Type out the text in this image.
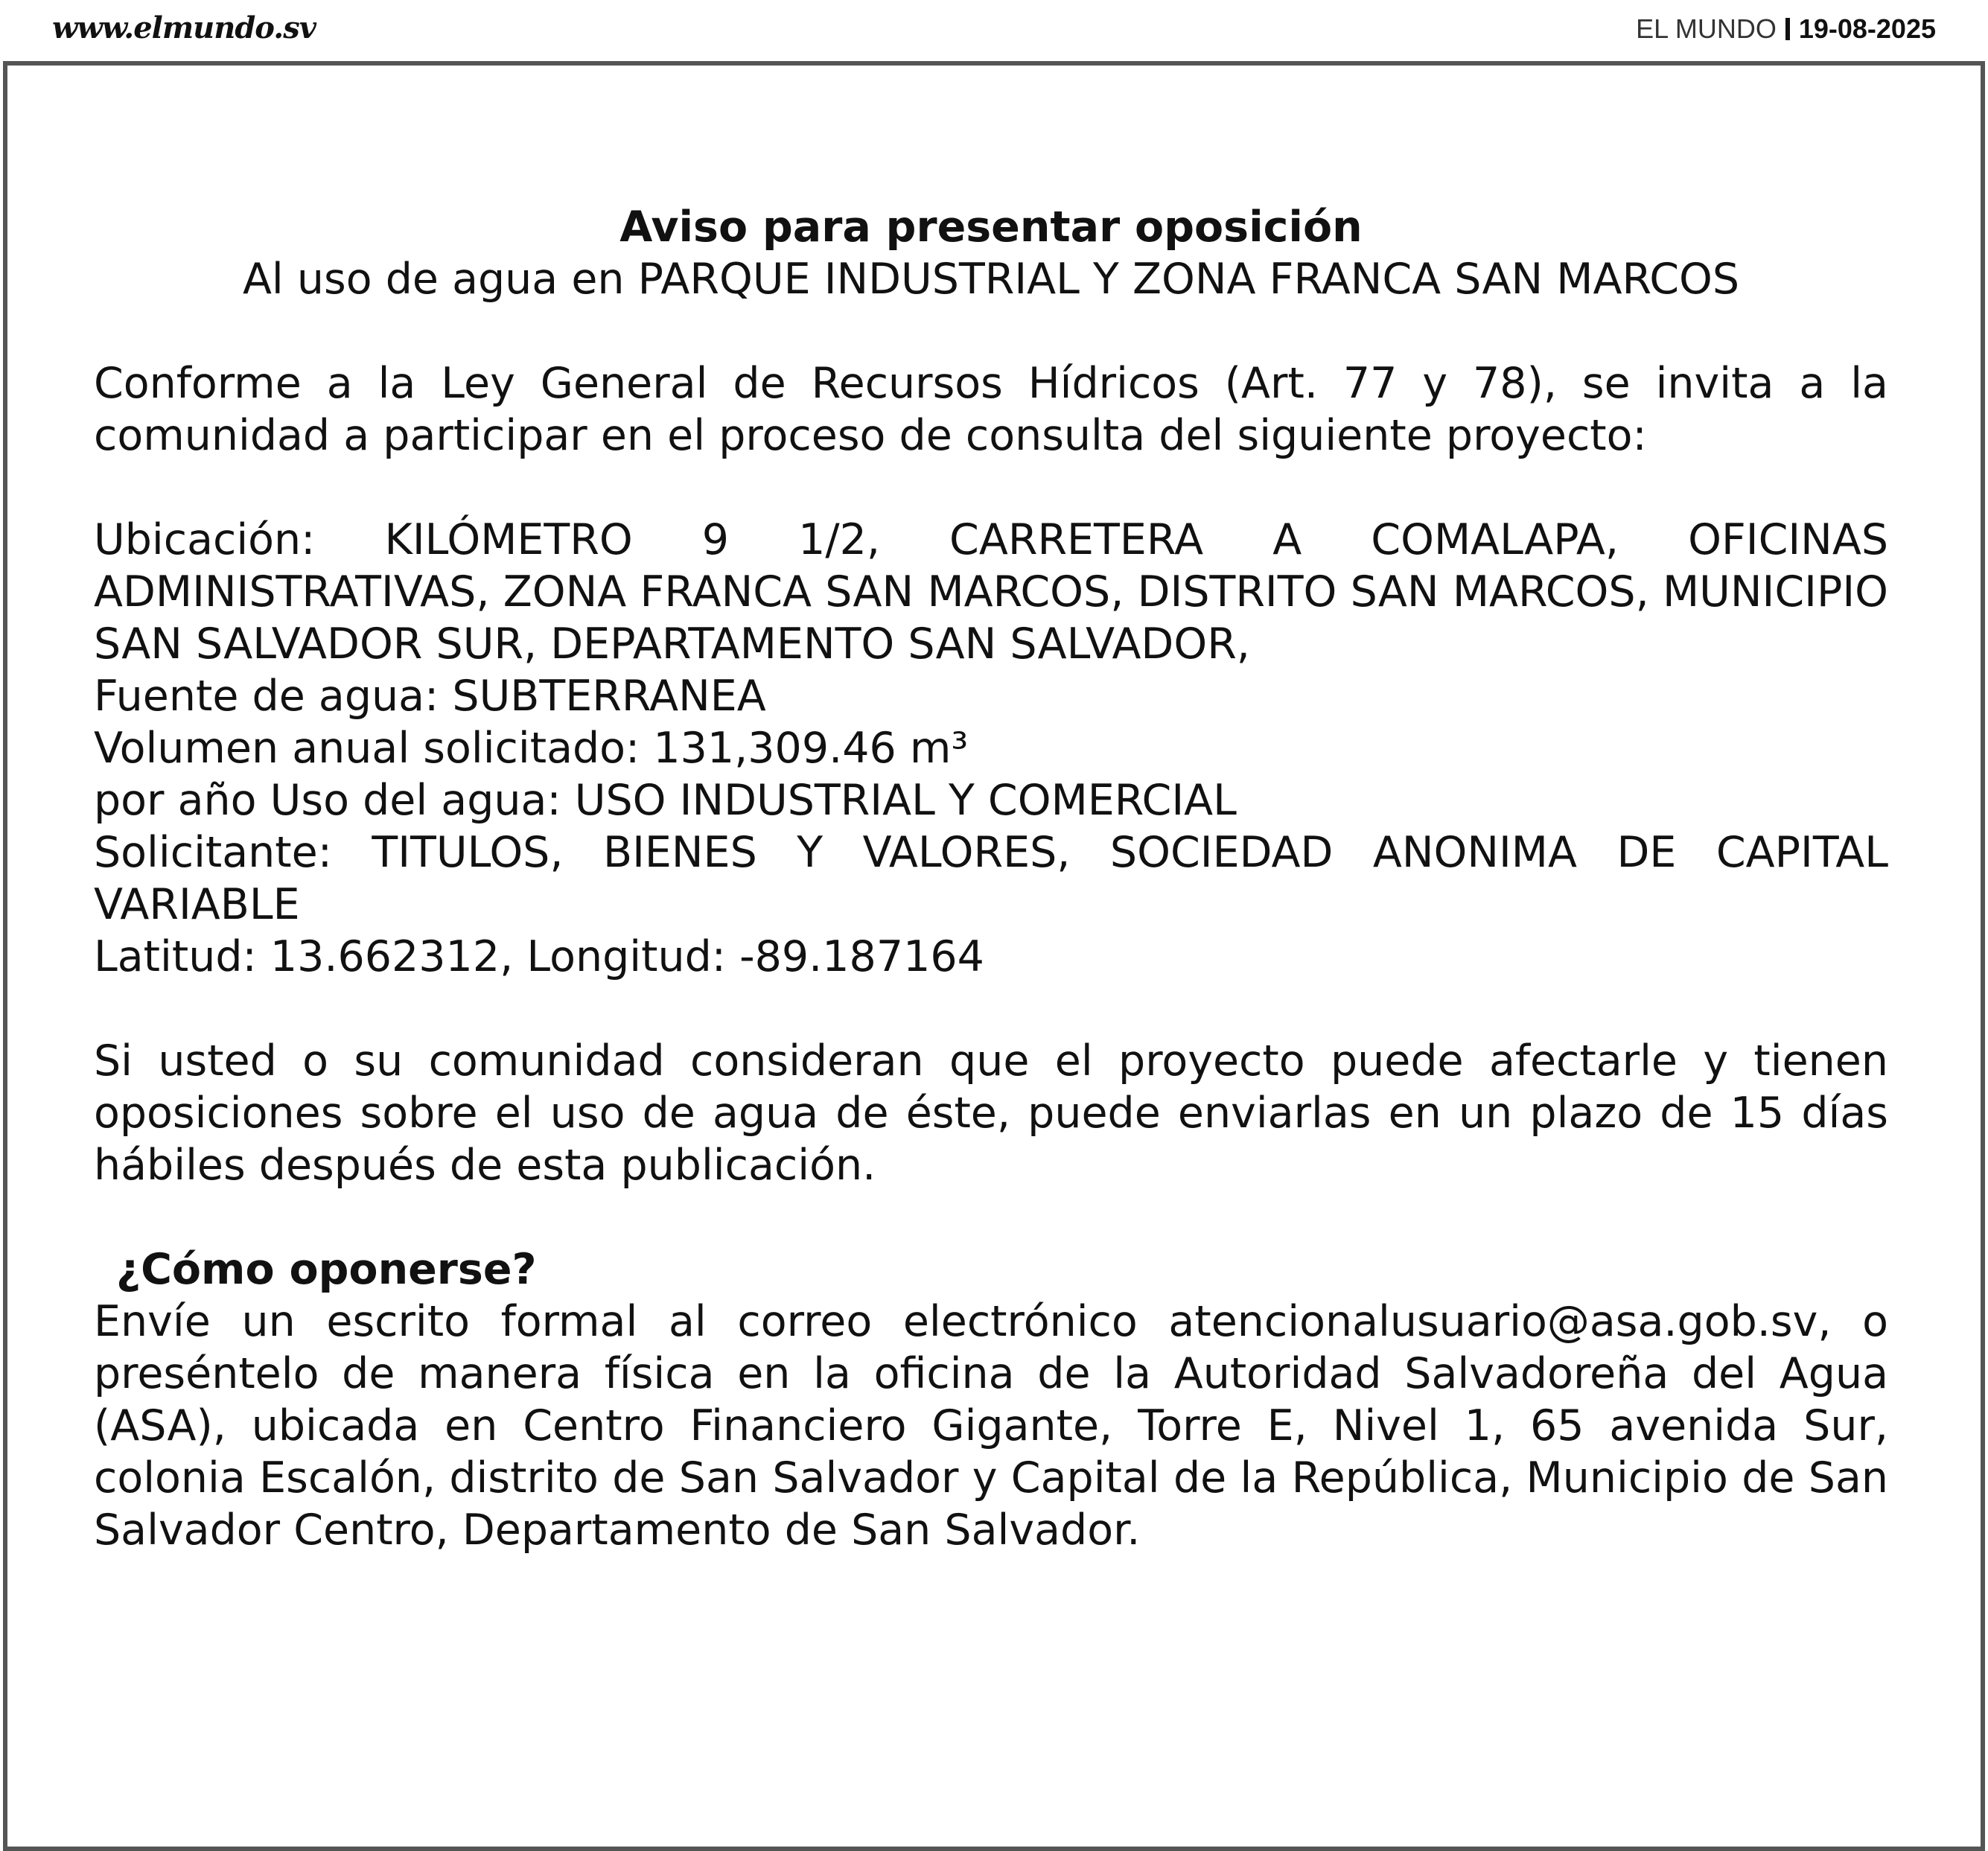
www.elmundo.sv	EL MUNDO 19-08-2025

Aviso para presentar oposición

Al uso de agua en PARQUE INDUSTRIAL Y ZONA FRANCA SAN MARCOS

Conforme a la Ley General de Recursos Hídricos (Art. 77 y 78), se invita a la comunidad a participar en el proceso de consulta del siguiente proyecto:

Ubicación: KILÓMETRO 9 1/2, CARRETERA A COMALAPA, OFICINAS ADMINISTRATIVAS, ZONA FRANCA SAN MARCOS, DISTRITO SAN MARCOS, MUNICIPIO SAN SALVADOR SUR, DEPARTAMENTO SAN SALVADOR,

Fuente de agua: SUBTERRANEA

Volumen anual solicitado: 131,309.46 m³

por año Uso del agua: USO INDUSTRIAL Y COMERCIAL

Solicitante: TITULOS, BIENES Y VALORES, SOCIEDAD ANONIMA DE CAPITAL VARIABLE

Latitud: 13.662312, Longitud: -89.187164

Si usted o su comunidad consideran que el proyecto puede afectarle y tienen oposiciones sobre el uso de agua de éste, puede enviarlas en un plazo de 15 días hábiles después de esta publicación.

¿Cómo oponerse?

Envíe un escrito formal al correo electrónico atencionalusuario@asa.gob.sv, o preséntelo de manera física en la oficina de la Autoridad Salvadoreña del Agua (ASA), ubicada en Centro Financiero Gigante, Torre E, Nivel 1, 65 avenida Sur, colonia Escalón, distrito de San Salvador y Capital de la República, Municipio de San Salvador Centro, Departamento de San Salvador.
